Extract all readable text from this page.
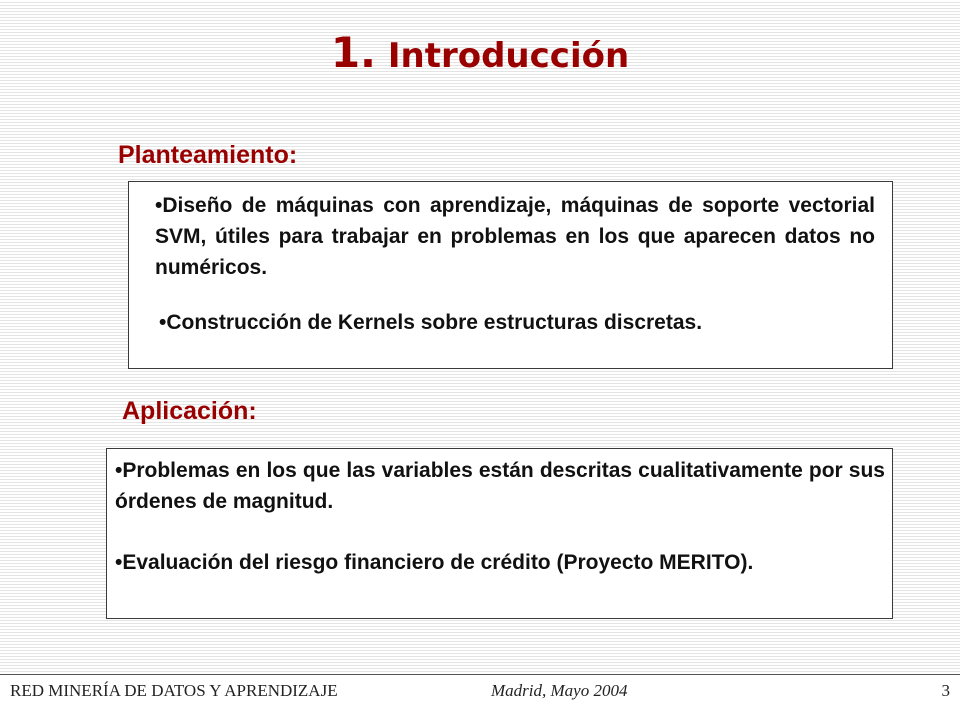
1. Introducción
Planteamiento:

•Diseño de máquinas con aprendizaje, máquinas de soporte vectorial SVM, útiles para trabajar en problemas en los que aparecen datos no numéricos.

•Construcción de Kernels sobre estructuras discretas.

Aplicación:

•Problemas en los que las variables están descritas cualitativamente por sus órdenes de magnitud.

•Evaluación del riesgo financiero de crédito (Proyecto MERITO).

RED MINERÍA DE DATOS Y APRENDIZAJE	Madrid, Mayo 2004	3
